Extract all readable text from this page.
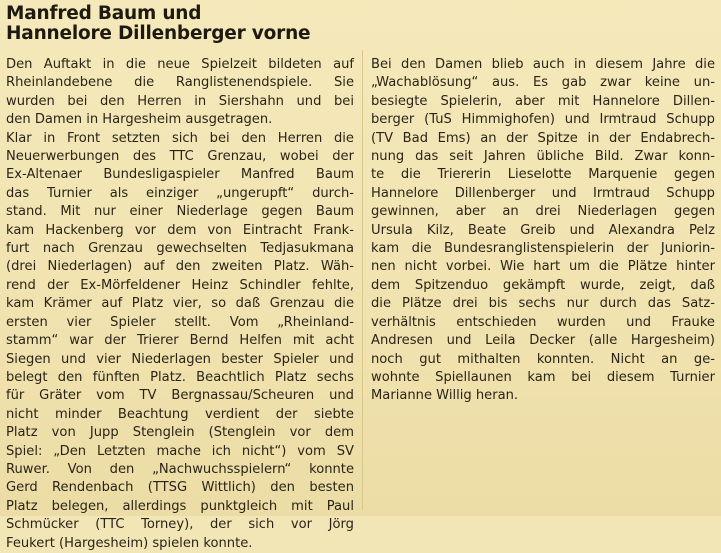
Manfred Baum und
Hannelore Dillenberger vorne
Den Auftakt in die neue Spielzeit bildeten auf
Rheinlandebene die Ranglistenendspiele. Sie
wurden bei den Herren in Siershahn und bei
den Damen in Hargesheim ausgetragen.
Klar in Front setzten sich bei den Herren die
Neuerwerbungen des TTC Grenzau, wobei der
Ex-Altenaer Bundesligaspieler Manfred Baum
das Turnier als einziger „ungerupft“ durch-
stand. Mit nur einer Niederlage gegen Baum
kam Hackenberg vor dem von Eintracht Frank-
furt nach Grenzau gewechselten Tedjasukmana
(drei Niederlagen) auf den zweiten Platz. Wäh-
rend der Ex-Mörfeldener Heinz Schindler fehlte,
kam Krämer auf Platz vier, so daß Grenzau die
ersten vier Spieler stellt. Vom „Rheinland-
stamm“ war der Trierer Bernd Helfen mit acht
Siegen und vier Niederlagen bester Spieler und
belegt den fünften Platz. Beachtlich Platz sechs
für Gräter vom TV Bergnassau/Scheuren und
nicht minder Beachtung verdient der siebte
Platz von Jupp Stenglein (Stenglein vor dem
Spiel: „Den Letzten mache ich nicht“) vom SV
Ruwer. Von den „Nachwuchsspielern“ konnte
Gerd Rendenbach (TTSG Wittlich) den besten
Platz belegen, allerdings punktgleich mit Paul
Schmücker (TTC Torney), der sich vor Jörg
Feukert (Hargesheim) spielen konnte.
Bei den Damen blieb auch in diesem Jahre die
„Wachablösung“ aus. Es gab zwar keine un-
besiegte Spielerin, aber mit Hannelore Dillen-
berger (TuS Himmighofen) und Irmtraud Schupp
(TV Bad Ems) an der Spitze in der Endabrech-
nung das seit Jahren übliche Bild. Zwar konn-
te die Triererin Lieselotte Marquenie gegen
Hannelore Dillenberger und Irmtraud Schupp
gewinnen, aber an drei Niederlagen gegen
Ursula Kilz, Beate Greib und Alexandra Pelz
kam die Bundesranglistenspielerin der Juniorin-
nen nicht vorbei. Wie hart um die Plätze hinter
dem Spitzenduo gekämpft wurde, zeigt, daß
die Plätze drei bis sechs nur durch das Satz-
verhältnis entschieden wurden und Frauke
Andresen und Leila Decker (alle Hargesheim)
noch gut mithalten konnten. Nicht an ge-
wohnte Spiellaunen kam bei diesem Turnier
Marianne Willig heran.
